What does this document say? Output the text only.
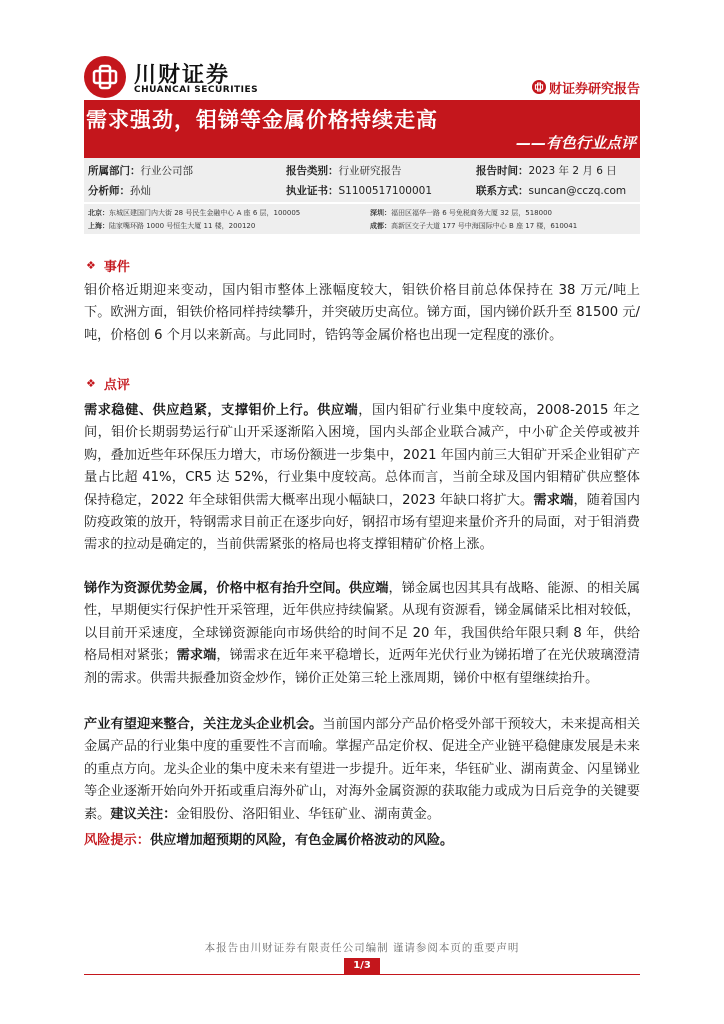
川财证券
CHUANCAI SECURITIES	财证券研究报告
需求强劲，钼锑等金属价格持续走高
——有色行业点评
所属部门：行业公司部	报告类别：行业研究报告	报告时间：2023 年 2 月 6 日
分析师：孙灿	执业证书：S1100517100001	联系方式：suncan@cczq.com
北京：东城区建国门内大街 28 号民生金融中心 A 座 6 层，100005	深圳：福田区福华一路 6 号免税商务大厦 32 层，518000
上海：陆家嘴环路 1000 号恒生大厦 11 楼，200120	成都：高新区交子大道 177 号中海国际中心 B 座 17 楼，610041
❖ 事件
钼价格近期迎来变动，国内钼市整体上涨幅度较大，钼铁价格目前总体保持在 38 万元/吨上下。欧洲方面，钼铁价格同样持续攀升，并突破历史高位。锑方面，国内锑价跃升至 81500 元/吨，价格创 6 个月以来新高。与此同时，锆钨等金属价格也出现一定程度的涨价。
❖ 点评
需求稳健、供应趋紧，支撑钼价上行。供应端，国内钼矿行业集中度较高，2008-2015 年之间，钼价长期弱势运行矿山开采逐渐陷入困境，国内头部企业联合减产，中小矿企关停或被并购，叠加近些年环保压力增大，市场份额进一步集中，2021 年国内前三大钼矿开采企业钼矿产量占比超 41%，CR5 达 52%，行业集中度较高。总体而言，当前全球及国内钼精矿供应整体保持稳定，2022 年全球钼供需大概率出现小幅缺口，2023 年缺口将扩大。需求端，随着国内防疫政策的放开，特钢需求目前正在逐步向好，钢招市场有望迎来量价齐升的局面，对于钼消费需求的拉动是确定的，当前供需紧张的格局也将支撑钼精矿价格上涨。
锑作为资源优势金属，价格中枢有抬升空间。供应端，锑金属也因其具有战略、能源、的相关属性，早期便实行保护性开采管理，近年供应持续偏紧。从现有资源看，锑金属储采比相对较低，以目前开采速度，全球锑资源能向市场供给的时间不足 20 年，我国供给年限只剩 8 年，供给格局相对紧张；需求端，锑需求在近年来平稳增长，近两年光伏行业为锑拓增了在光伏玻璃澄清剂的需求。供需共振叠加资金炒作，锑价正处第三轮上涨周期，锑价中枢有望继续抬升。
产业有望迎来整合，关注龙头企业机会。当前国内部分产品价格受外部干预较大，未来提高相关金属产品的行业集中度的重要性不言而喻。掌握产品定价权、促进全产业链平稳健康发展是未来的重点方向。龙头企业的集中度未来有望进一步提升。近年来，华钰矿业、湖南黄金、闪星锑业等企业逐渐开始向外开拓或重启海外矿山，对海外金属资源的获取能力或成为日后竞争的关键要素。建议关注：金钼股份、洛阳钼业、华钰矿业、湖南黄金。
风险提示：供应增加超预期的风险，有色金属价格波动的风险。
本报告由川财证券有限责任公司编制 谨请参阅本页的重要声明
1/3
